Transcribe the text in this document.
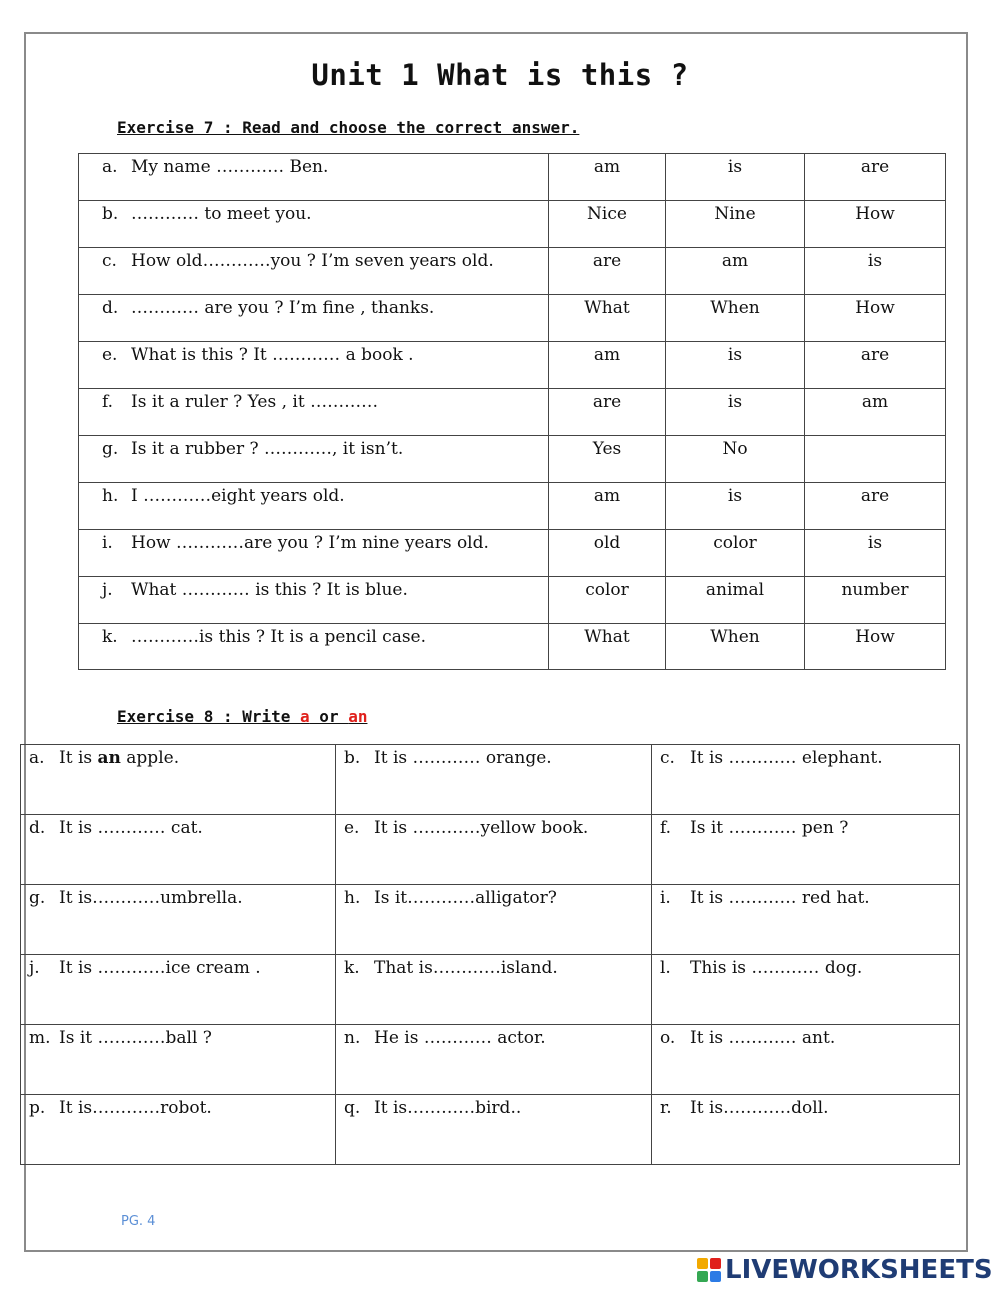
Unit 1 What is this ?
Exercise 7 : Read and choose the correct answer.
a. My name ………… Ben.	am	is	are
b. ………… to meet you.	Nice	Nine	How
c. How old…………you ? I’m seven years old.	are	am	is
d. ………… are you ? I’m fine , thanks.	What	When	How
e. What is this ? It ………… a book .	am	is	are
f. Is it a ruler ? Yes , it …………	are	is	am
g. Is it a rubber ? …………, it isn’t.	Yes	No	
h. I …………eight years old.	am	is	are
i. How …………are you ? I’m nine years old.	old	color	is
j. What ………… is this ? It is blue.	color	animal	number
k. …………is this ? It is a pencil case.	What	When	How
Exercise 8 : Write a or an
a. It is an apple.	b. It is ………… orange.	c. It is ………… elephant.
d. It is ………… cat.	e. It is …………yellow book.	f. Is it ………… pen ?
g. It is…………umbrella.	h. Is it…………alligator?	i. It is ………… red hat.
j. It is …………ice cream .	k. That is…………island.	l. This is ………… dog.
m. Is it …………ball ?	n. He is ………… actor.	o. It is ………… ant.
p. It is…………robot.	q. It is…………bird..	r. It is…………doll.
PG. 4
LIVEWORKSHEETS
